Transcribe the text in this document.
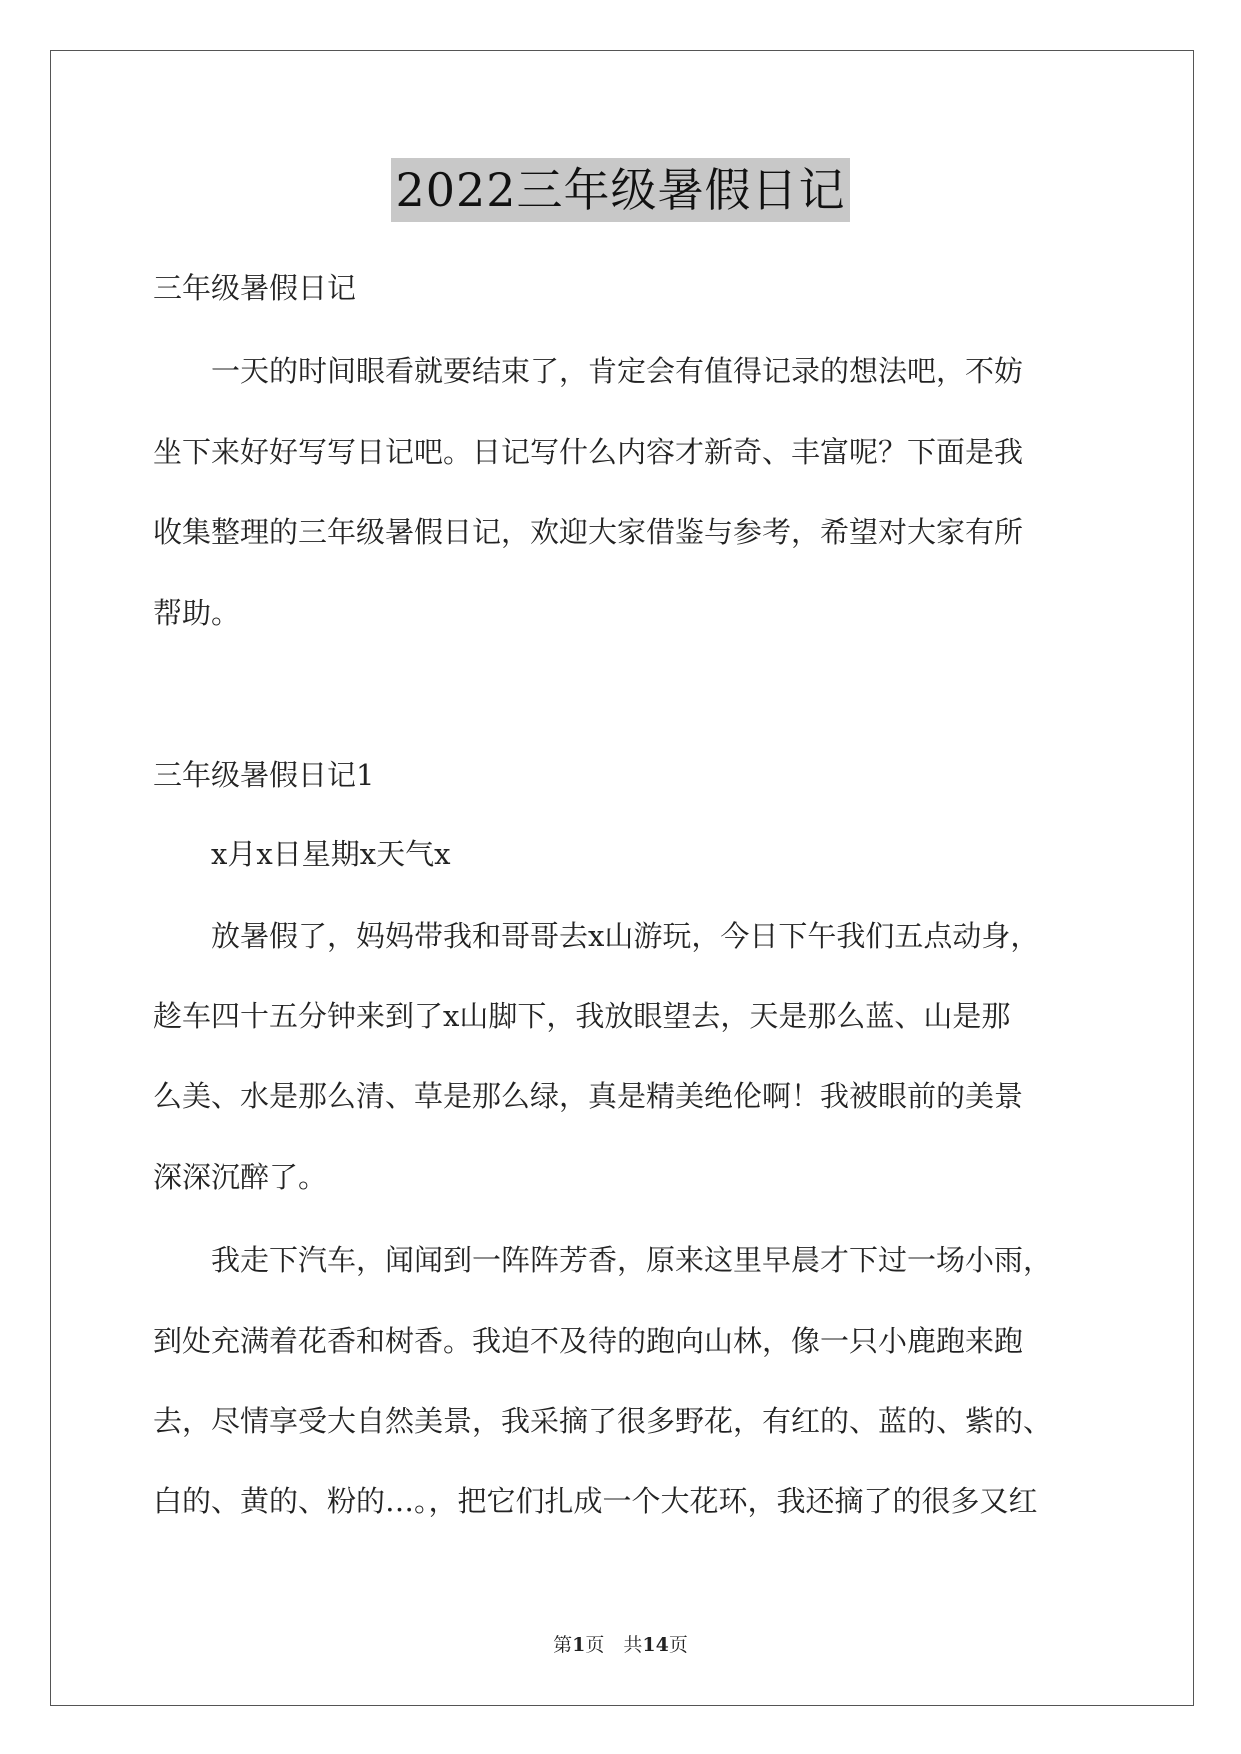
2022三年级暑假日记
三年级暑假日记
　　一天的时间眼看就要结束了，肯定会有值得记录的想法吧，不妨
坐下来好好写写日记吧。日记写什么内容才新奇、丰富呢？下面是我
收集整理的三年级暑假日记，欢迎大家借鉴与参考，希望对大家有所
帮助。
三年级暑假日记1
　　x月x日星期x天气x
　　放暑假了，妈妈带我和哥哥去x山游玩，今日下午我们五点动身，
趁车四十五分钟来到了x山脚下，我放眼望去，天是那么蓝、山是那
么美、水是那么清、草是那么绿，真是精美绝伦啊！我被眼前的美景
深深沉醉了。
　　我走下汽车，闻闻到一阵阵芳香，原来这里早晨才下过一场小雨，
到处充满着花香和树香。我迫不及待的跑向山林，像一只小鹿跑来跑
去，尽情享受大自然美景，我采摘了很多野花，有红的、蓝的、紫的、
白的、黄的、粉的…。，把它们扎成一个大花环，我还摘了的很多又红
第1页　共14页
